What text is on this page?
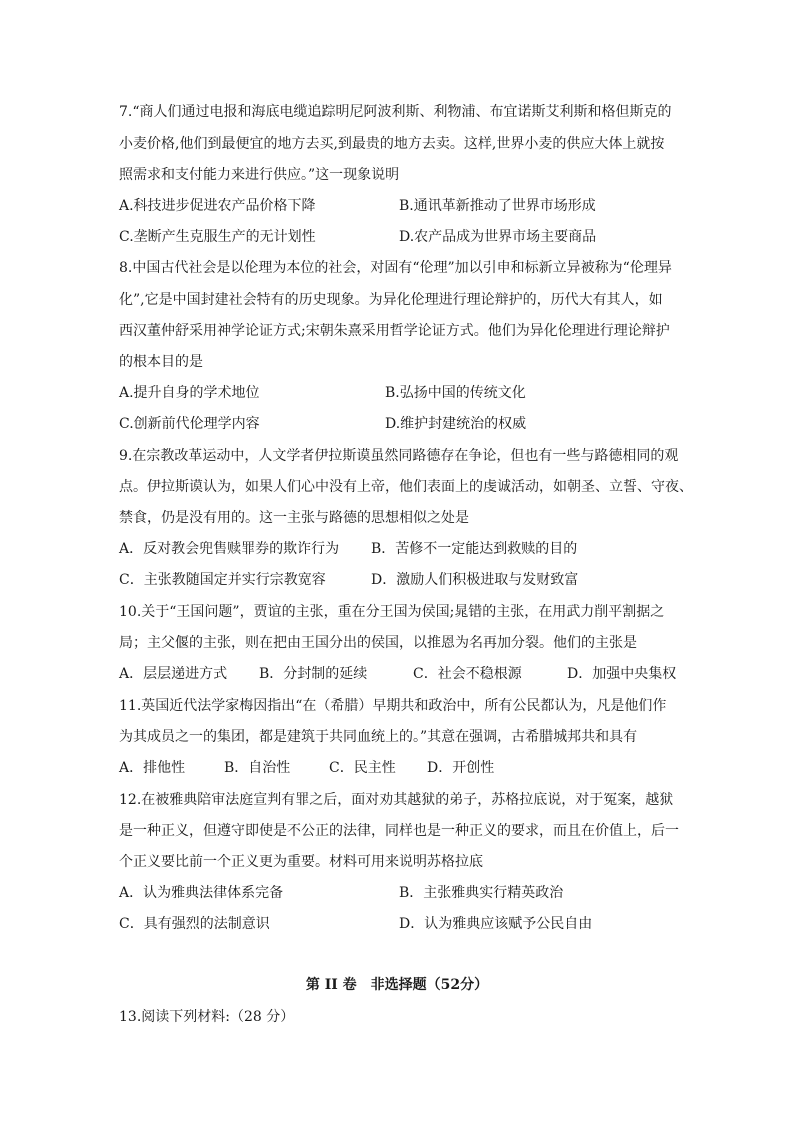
7.“商人们通过电报和海底电缆追踪明尼阿波利斯、利物浦、布宜诺斯艾利斯和格但斯克的
小麦价格,他们到最便宜的地方去买,到最贵的地方去卖。这样,世界小麦的供应大体上就按
照需求和支付能力来进行供应。”这一现象说明
A.科技进步促进农产品价格下降	B.通讯革新推动了世界市场形成
C.垄断产生克服生产的无计划性	D.农产品成为世界市场主要商品
8.中国古代社会是以伦理为本位的社会，对固有“伦理”加以引申和标新立异被称为“伦理异
化”,它是中国封建社会特有的历史现象。为异化伦理进行理论辩护的，历代大有其人，如
西汉董仲舒采用神学论证方式;宋朝朱熹采用哲学论证方式。他们为异化伦理进行理论辩护
的根本目的是
A.提升自身的学术地位	B.弘扬中国的传统文化
C.创新前代伦理学内容	D.维护封建统治的权威
9.在宗教改革运动中，人文学者伊拉斯谟虽然同路德存在争论，但也有一些与路德相同的观
点。伊拉斯谟认为，如果人们心中没有上帝，他们表面上的虔诚活动，如朝圣、立誓、守夜、
禁食，仍是没有用的。这一主张与路德的思想相似之处是
A．反对教会兜售赎罪券的欺诈行为 B．苦修不一定能达到救赎的目的
C．主张教随国定并实行宗教宽容	D．激励人们积极进取与发财致富
10.关于“王国问题”，贾谊的主张，重在分王国为侯国;晁错的主张，在用武力削平割据之
局；主父偃的主张，则在把由王国分出的侯国，以推恩为名再加分裂。他们的主张是
A．层层递进方式 B．分封制的延续	C．社会不稳根源	D．加强中央集权
11.英国近代法学家梅因指出“在（希腊）早期共和政治中，所有公民都认为，凡是他们作
为其成员之一的集团，都是建筑于共同血统上的。”其意在强调，古希腊城邦共和具有
A．排他性	B．自治性	C．民主性 D．开创性
12.在被雅典陪审法庭宣判有罪之后，面对劝其越狱的弟子，苏格拉底说，对于冤案，越狱
是一种正义，但遵守即使是不公正的法律，同样也是一种正义的要求，而且在价值上，后一
个正义要比前一个正义更为重要。材料可用来说明苏格拉底
A．认为雅典法律体系完备	B．主张雅典实行精英政治
C．具有强烈的法制意识	D．认为雅典应该赋予公民自由
第 II 卷　非选择题（52分）
13.阅读下列材料:（28 分）
